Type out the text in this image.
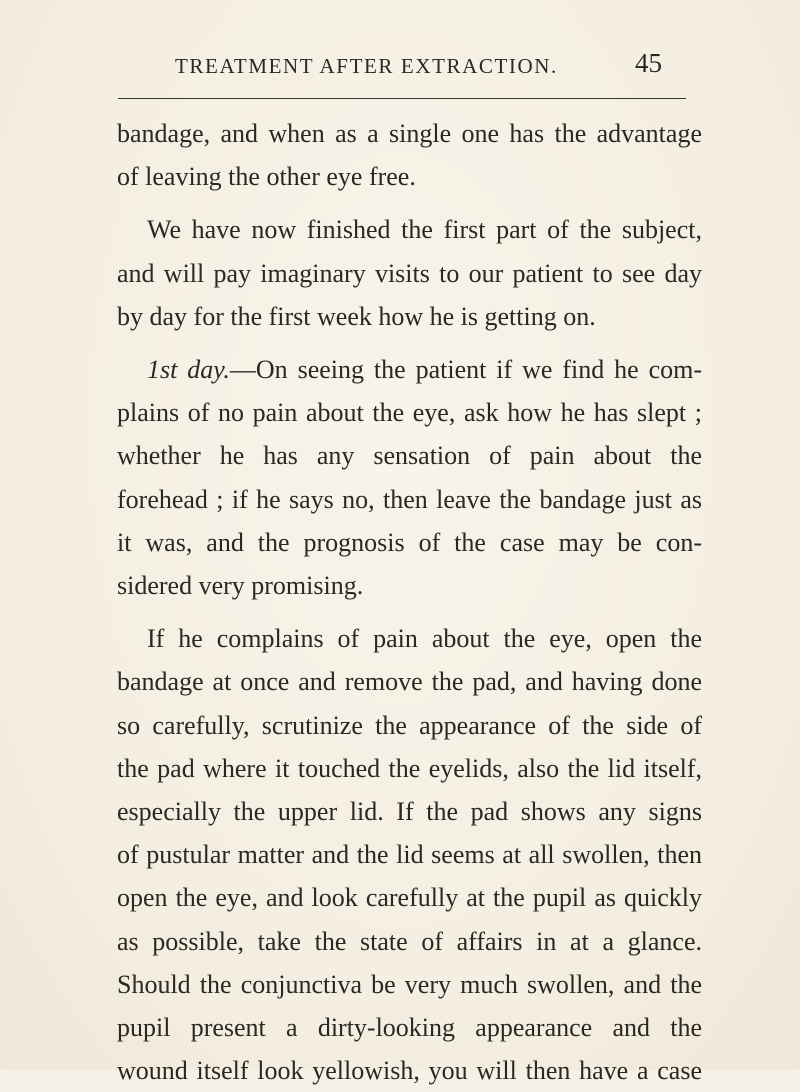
TREATMENT AFTER EXTRACTION.	45

bandage, and when as a single one has the advantage
of leaving the other eye free.

We have now finished the first part of the subject,
and will pay imaginary visits to our patient to see day
by day for the first week how he is getting on.

1st day.—On seeing the patient if we find he com-
plains of no pain about the eye, ask how he has slept ;
whether he has any sensation of pain about the
forehead ; if he says no, then leave the bandage just as
it was, and the prognosis of the case may be con-
sidered very promising.

If he complains of pain about the eye, open the
bandage at once and remove the pad, and having done
so carefully, scrutinize the appearance of the side of
the pad where it touched the eyelids, also the lid itself,
especially the upper lid. If the pad shows any signs
of pustular matter and the lid seems at all swollen, then
open the eye, and look carefully at the pupil as quickly
as possible, take the state of affairs in at a glance.
Should the conjunctiva be very much swollen, and the
pupil present a dirty-looking appearance and the
wound itself look yellowish, you will then have a case
